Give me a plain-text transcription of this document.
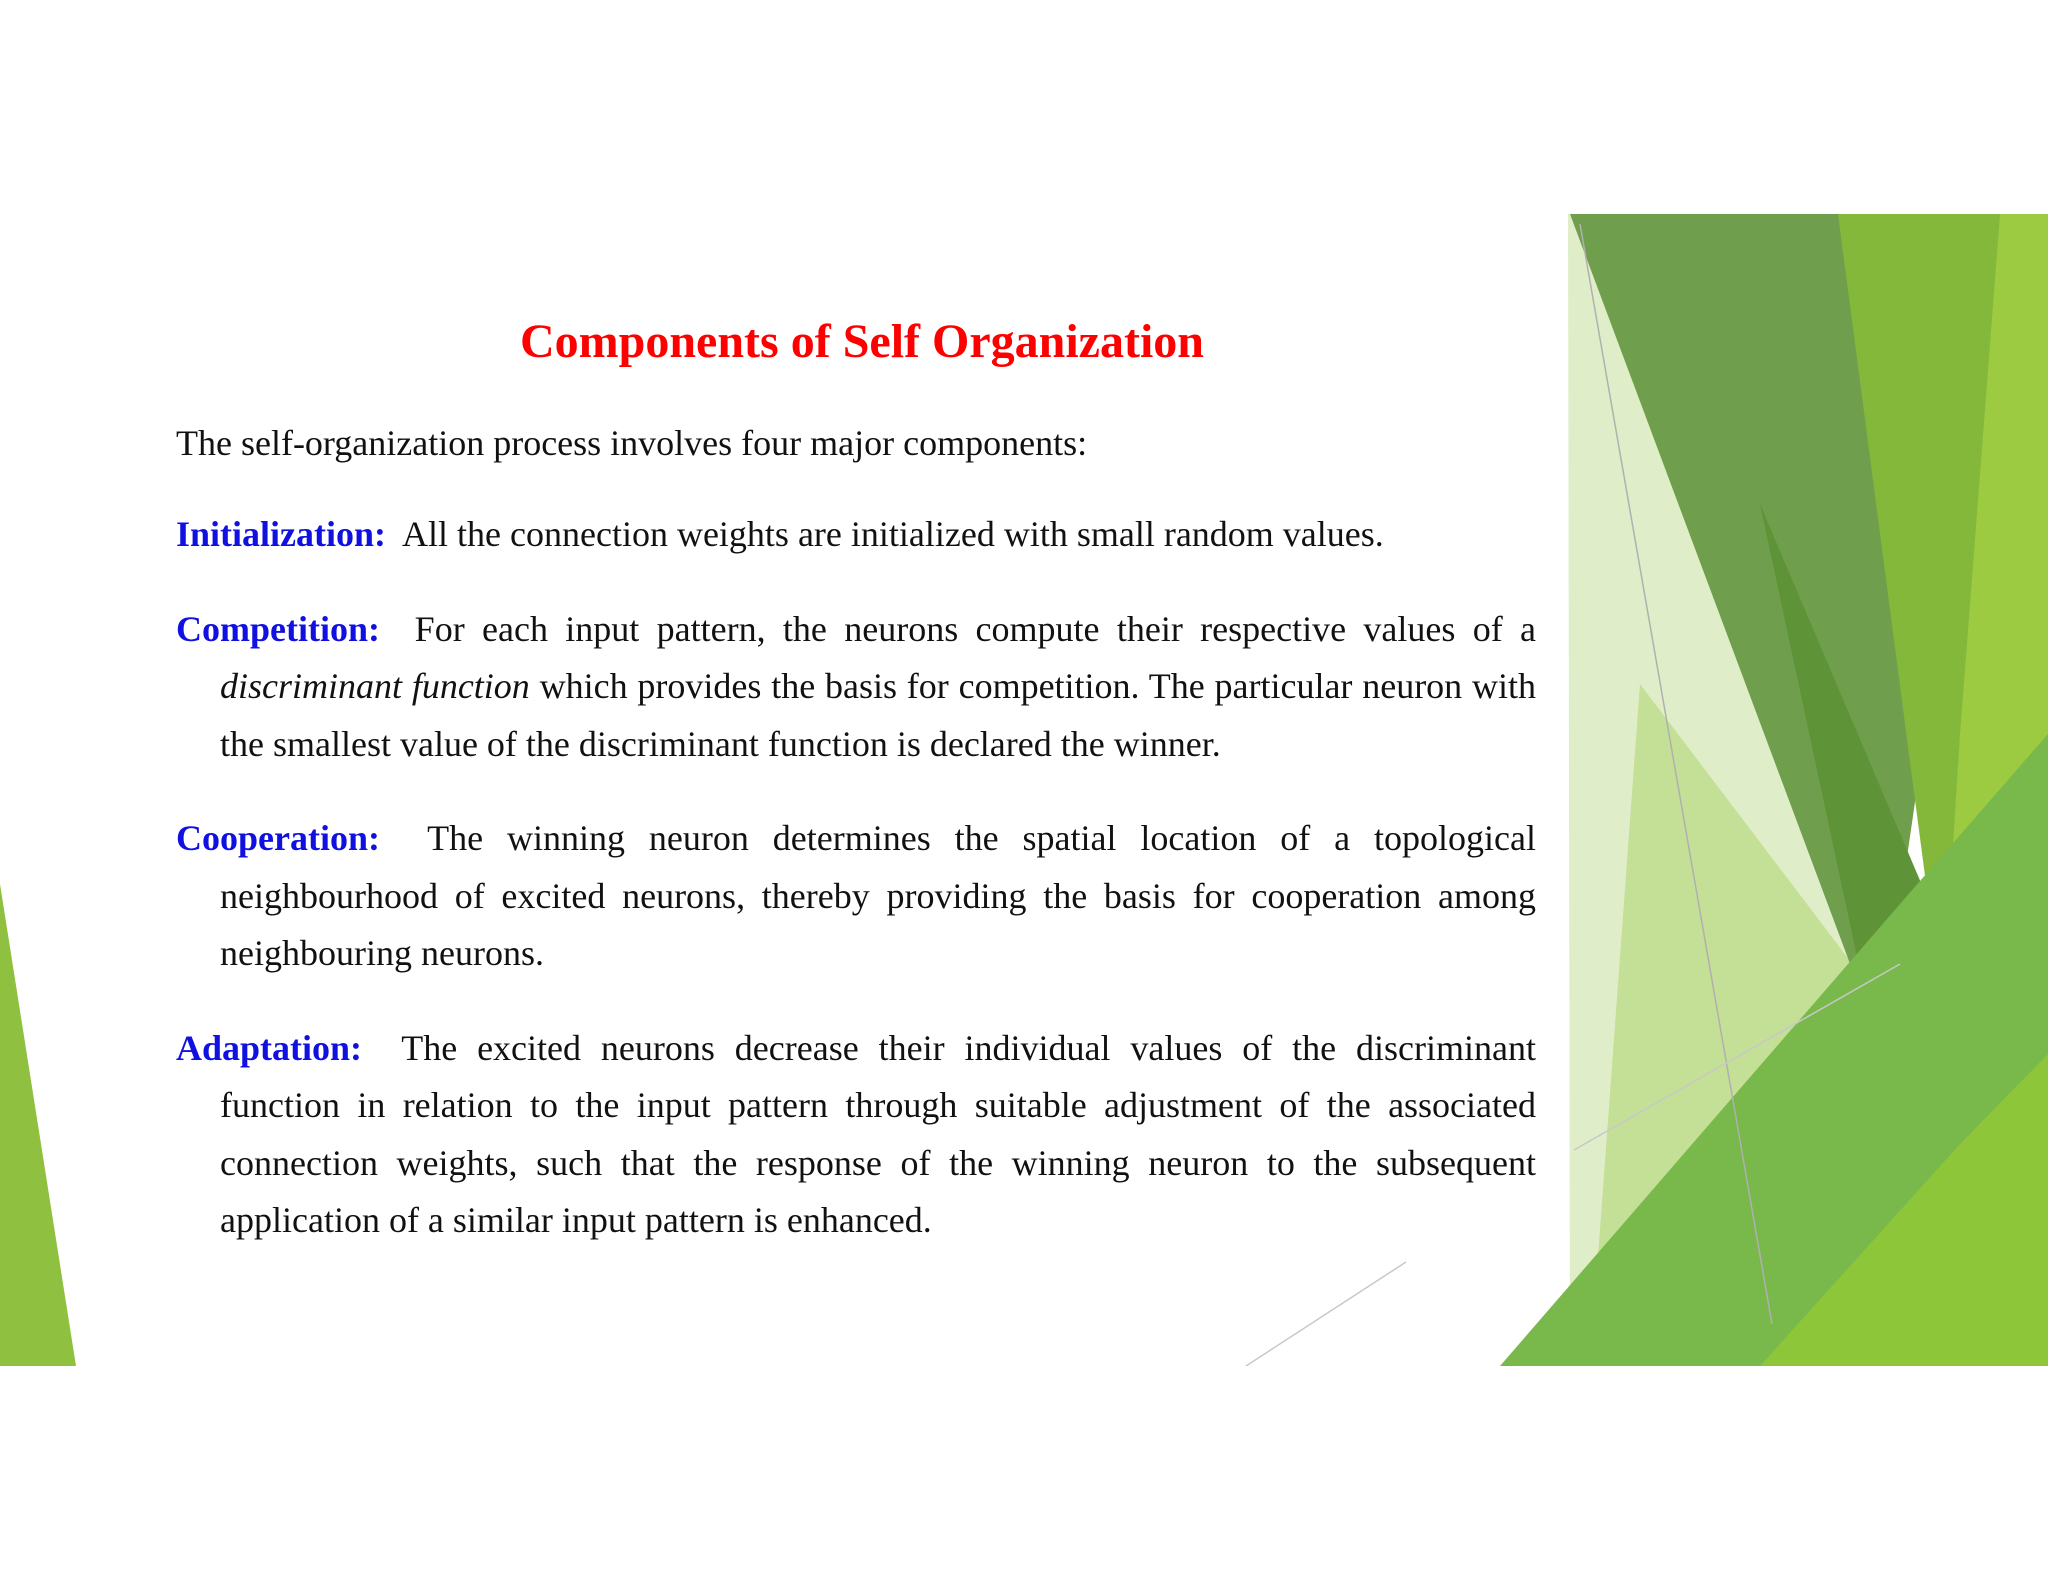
Components of Self Organization

The self-organization process involves four major components:

Initialization: All the connection weights are initialized with small random values.

Competition: For each input pattern, the neurons compute their respective values of a discriminant function which provides the basis for competition. The particular neuron with the smallest value of the discriminant function is declared the winner.

Cooperation: The winning neuron determines the spatial location of a topological neighbourhood of excited neurons, thereby providing the basis for cooperation among neighbouring neurons.

Adaptation: The excited neurons decrease their individual values of the discriminant function in relation to the input pattern through suitable adjustment of the associated connection weights, such that the response of the winning neuron to the subsequent application of a similar input pattern is enhanced.
